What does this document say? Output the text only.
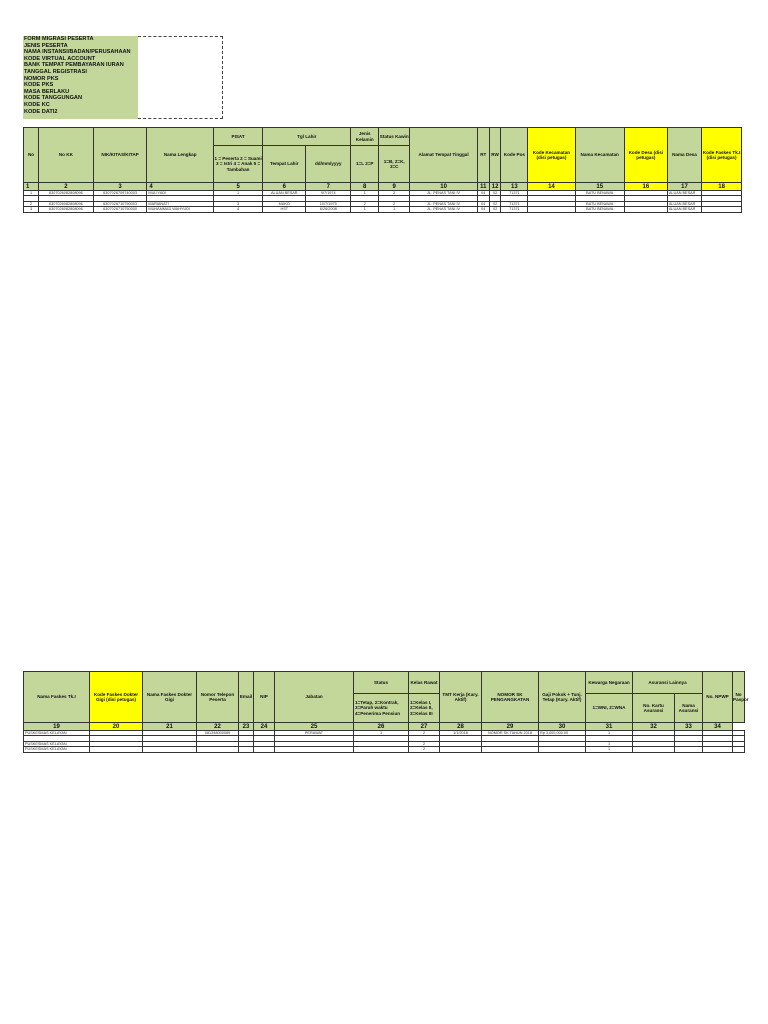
FORM MIGRASI PESERTA
JENIS PESERTA
NAMA INSTANSI/BADAN/PERUSAHAAN
KODE VIRTUAL ACCOUNT
BANK TEMPAT PEMBAYARAN IURAN
TANGGAL REGISTRASI
NOMOR PKS
KODE PKS
MASA BERLAKU
KODE TANGGUNGAN
KODE KC
KODE DATI2
No	No KK	NIK/KITAS/KITAP	Nama Lengkap	PISAT	Tgl Lahir		Jenis Kelamin	Status Kawin	Alamat Tempat Tinggal	RT	RW	Kode Pos	Kode Kecamatan (disi petugas)	Nama Kecamatan	Kode Desa (disi petugas)	Nama Desa	Kode Faskes Tk.I (disi petugas)
				1 = Peserta 2 = Suami 3 = Istri 4 = Anak 5 = Tambahan	Tempat Lahir	dd/mm/yyyy	1=L 2=P	1=B, 2=K, 3=C									
1	2	3	4	5	6	7	8	9	10	11	12	13	14	15	16	17	18
1	6307026082808096	6307026709740003	MULIYADI	1	ALUAN BESAR	9/7/1974	1	2	JL. PENAS TANI IV	04	02	71371		BATU BENAWA		ALUAN BESAR	

2	6307026082808096	6307026710750003	MARIANATI	3	MAKO	10/7/1975	2	2	JL. PENAS TANI IV	04	02	71371		BATU BENAWA		ALUAN BESAR	
3	6307026082808096	6307026710750000	MUHAMMAD WAHYUDI	4	HST	6/26/2008	1	1	JL. PENAS TANI IV	04	02	71371		BATU BENAWA		ALUAN BESAR	
Nama Faskes Tk.I	Kode Faskes Dokter Gigi (disi petugas)	Nama Faskes Dokter Gigi	Nomor Telepon Peserta	Email	NIP	Jabatan	Status	Kelas Rawat	TMT Kerja (Kary. Aktif)	NOMOR SK PENGANGKATAN	Gaji Pokok + Tunj. Tetap (Kary. Aktif)	Kewarga Negaraan	Asuransi Lainnya		No. NPWP	No Paspor
							1=Tetap, 2=Kontrak, 3=Paruh waktu 4=Penerima Pensiun	1=Kelas I, 2=Kelas II, 3=Kelas III				1=WNI, 2=WNA	No. Kartu Asuransi	Nama Asuransi		
19	20	21	22	23	24	25	26	27	28	29	30	31	32	33	34	
PUSKESMAS KELAYAN			081348000089			PERAWAT	1	2	1/1/2018	NOMOR SK TAHUN 2018	Rp 3,000,000.00	1				

PUSKESMAS KELAYAN								2				1				
PUSKESMAS KELAYAN								2				1				
